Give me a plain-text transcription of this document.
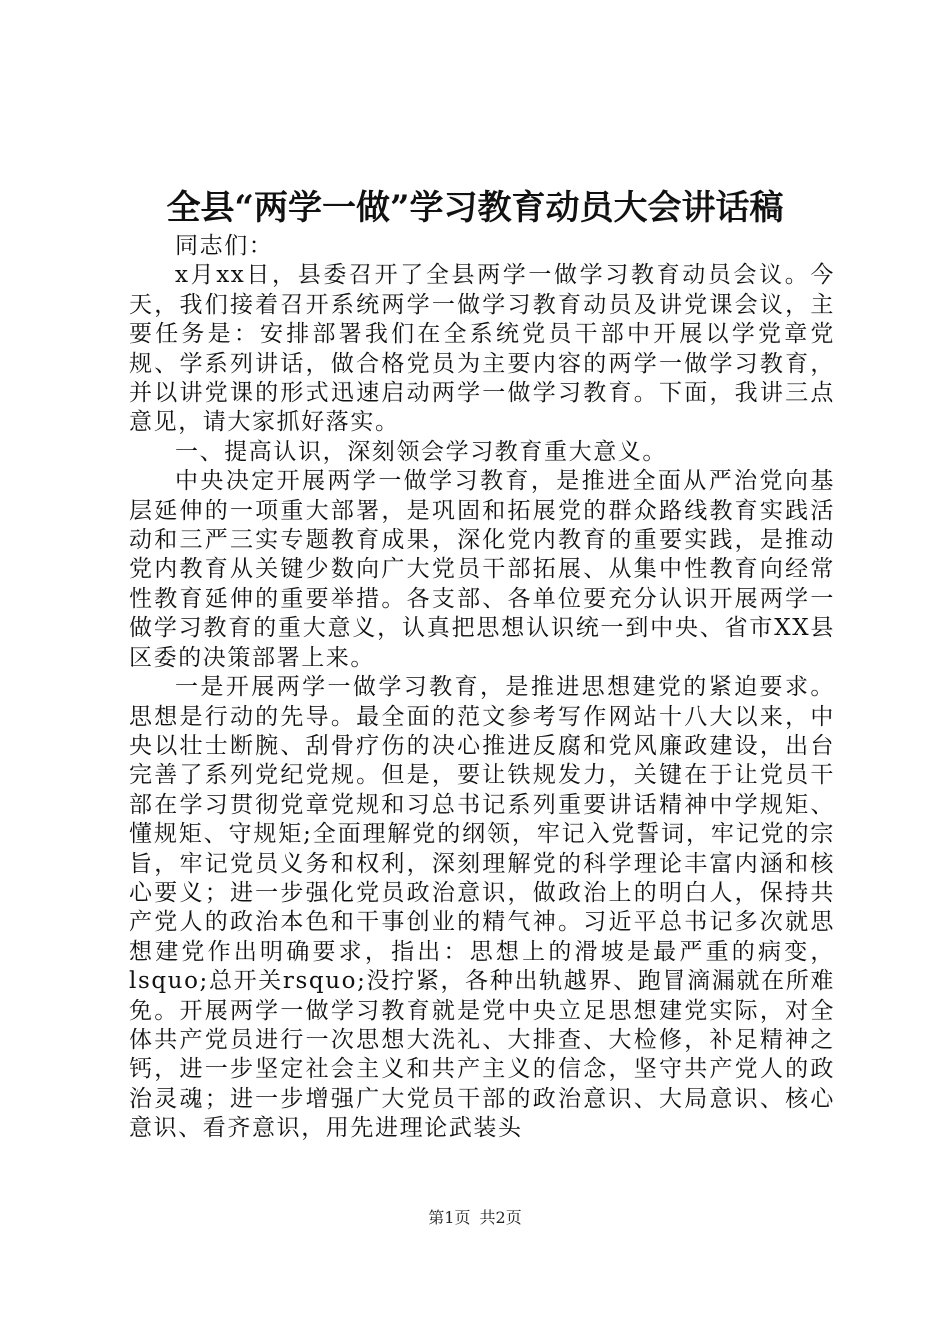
全县“两学一做”学习教育动员大会讲话稿

同志们：

x月xx日，县委召开了全县两学一做学习教育动员会议。今天，我们接着召开系统两学一做学习教育动员及讲党课会议，主要任务是：安排部署我们在全系统党员干部中开展以学党章党规、学系列讲话，做合格党员为主要内容的两学一做学习教育，并以讲党课的形式迅速启动两学一做学习教育。下面，我讲三点意见，请大家抓好落实。

一、提高认识，深刻领会学习教育重大意义。

中央决定开展两学一做学习教育，是推进全面从严治党向基层延伸的一项重大部署，是巩固和拓展党的群众路线教育实践活动和三严三实专题教育成果，深化党内教育的重要实践，是推动党内教育从关键少数向广大党员干部拓展、从集中性教育向经常性教育延伸的重要举措。各支部、各单位要充分认识开展两学一做学习教育的重大意义，认真把思想认识统一到中央、省市XX县区委的决策部署上来。

一是开展两学一做学习教育，是推进思想建党的紧迫要求。思想是行动的先导。最全面的范文参考写作网站十八大以来，中央以壮士断腕、刮骨疗伤的决心推进反腐和党风廉政建设，出台完善了系列党纪党规。但是，要让铁规发力，关键在于让党员干部在学习贯彻党章党规和习总书记系列重要讲话精神中学规矩、懂规矩、守规矩;全面理解党的纲领，牢记入党誓词，牢记党的宗旨，牢记党员义务和权利，深刻理解党的科学理论丰富内涵和核心要义；进一步强化党员政治意识，做政治上的明白人，保持共产党人的政治本色和干事创业的精气神。习近平总书记多次就思想建党作出明确要求，指出：思想上的滑坡是最严重的病变，lsquo;总开关rsquo;没拧紧，各种出轨越界、跑冒滴漏就在所难免。开展两学一做学习教育就是党中央立足思想建党实际，对全体共产党员进行一次思想大洗礼、大排查、大检修，补足精神之钙，进一步坚定社会主义和共产主义的信念，坚守共产党人的政治灵魂；进一步增强广大党员干部的政治意识、大局意识、核心意识、看齐意识，用先进理论武装头

第1页 共2页
